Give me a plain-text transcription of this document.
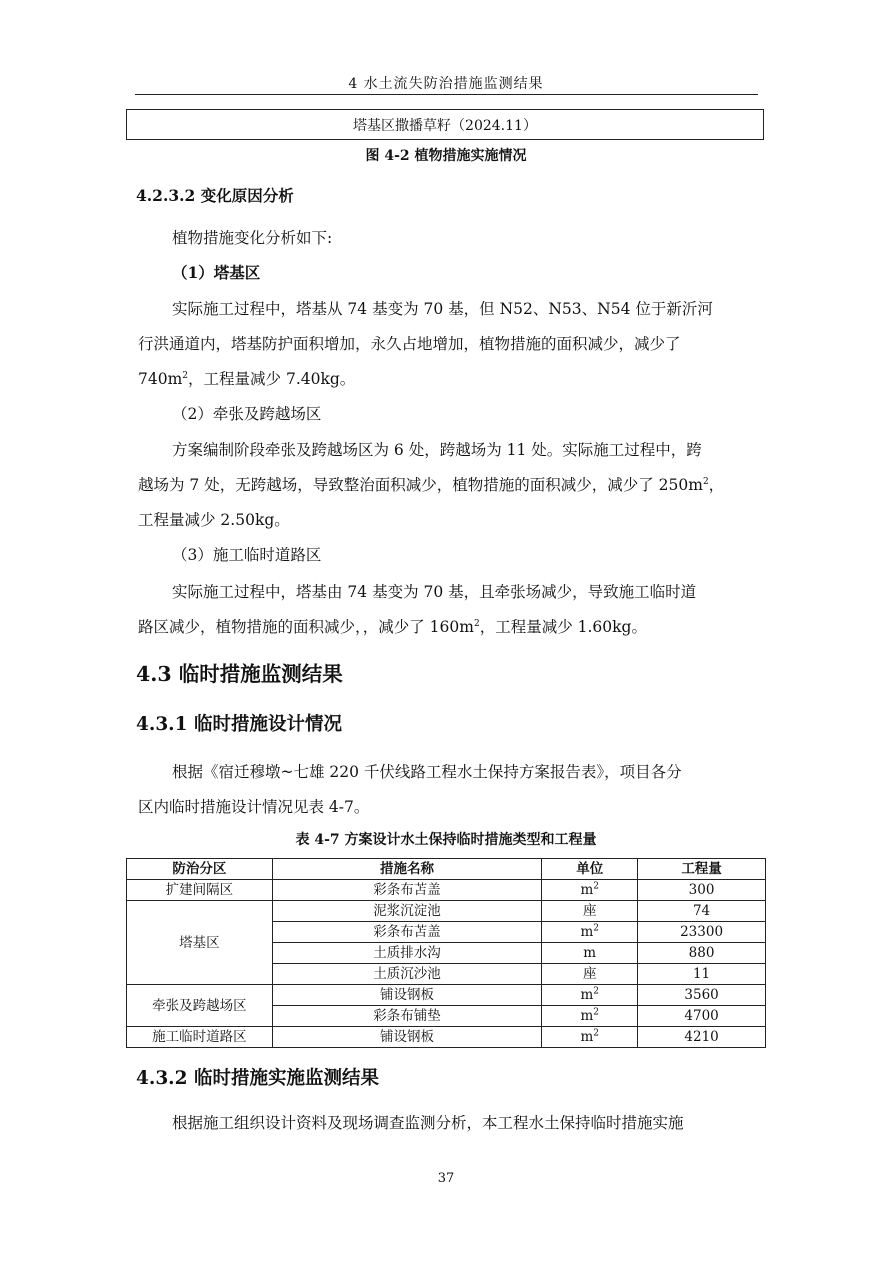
4 水土流失防治措施监测结果
塔基区撒播草籽（2024.11）
图 4-2 植物措施实施情况
4.2.3.2 变化原因分析
植物措施变化分析如下:
（1）塔基区
实际施工过程中，塔基从 74 基变为 70 基，但 N52、N53、N54 位于新沂河
行洪通道内，塔基防护面积增加，永久占地增加，植物措施的面积减少，减少了
$740m^2$，工程量减少 7.40kg。
（2）牵张及跨越场区
方案编制阶段牵张及跨越场区为 6 处，跨越场为 11 处。实际施工过程中，跨
越场为 7 处，无跨越场，导致整治面积减少，植物措施的面积减少，减少了 $250m^2$，
工程量减少 2.50kg。
（3）施工临时道路区
实际施工过程中，塔基由 74 基变为 70 基，且牵张场减少，导致施工临时道
路区减少，植物措施的面积减少，，减少了 $160m^2$，工程量减少 1.60kg。
4.3 临时措施监测结果
4.3.1 临时措施设计情况
根据《宿迁穆墩~七雄 220 千伏线路工程水土保持方案报告表》，项目各分
区内临时措施设计情况见表 4-7。
表 4-7 方案设计水土保持临时措施类型和工程量
防治分区	措施名称	单位	工程量
扩建间隔区	彩条布苫盖	$m^2$	300
塔基区	泥浆沉淀池	座	74
	彩条布苫盖	$m^2$	23300
	土质排水沟	m	880
	土质沉沙池	座	11
牵张及跨越场区	铺设钢板	$m^2$	3560
	彩条布铺垫	$m^2$	4700
施工临时道路区	铺设钢板	$m^2$	4210
4.3.2 临时措施实施监测结果
根据施工组织设计资料及现场调查监测分析，本工程水土保持临时措施实施
37
